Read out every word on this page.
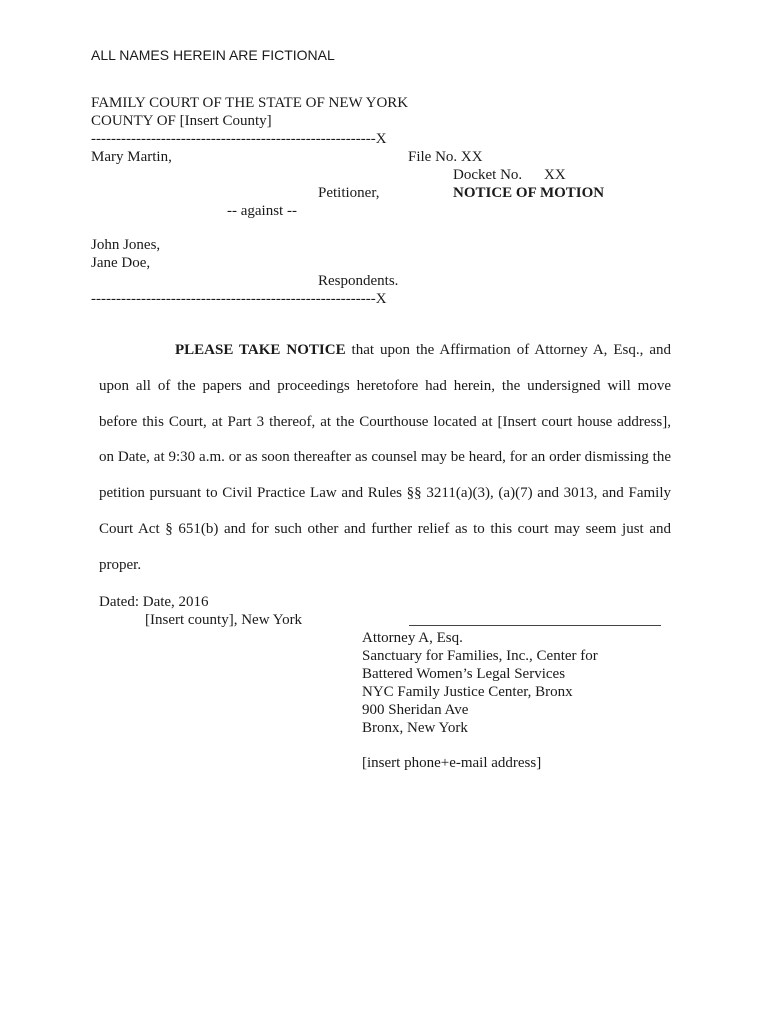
ALL NAMES HEREIN ARE FICTIONAL
FAMILY COURT OF THE STATE OF NEW YORK
COUNTY OF [Insert County]
---------------------------------------------------------X
Mary Martin,	File No. XX
Docket No. XX
Petitioner,	NOTICE OF MOTION
-- against --
John Jones,
Jane Doe,
Respondents.
---------------------------------------------------------X
PLEASE TAKE NOTICE that upon the Affirmation of Attorney A, Esq., and upon all of the papers and proceedings heretofore had herein, the undersigned will move before this Court, at Part 3 thereof, at the Courthouse located at [Insert court house address], on Date, at 9:30 a.m. or as soon thereafter as counsel may be heard, for an order dismissing the petition pursuant to Civil Practice Law and Rules §§ 3211(a)(3), (a)(7) and 3013, and Family Court Act § 651(b) and for such other and further relief as to this court may seem just and proper.
Dated: Date, 2016
[Insert county], New York
Attorney A, Esq.
Sanctuary for Families, Inc., Center for
Battered Women’s Legal Services
NYC Family Justice Center, Bronx
900 Sheridan Ave
Bronx, New York
[insert phone+e-mail address]
